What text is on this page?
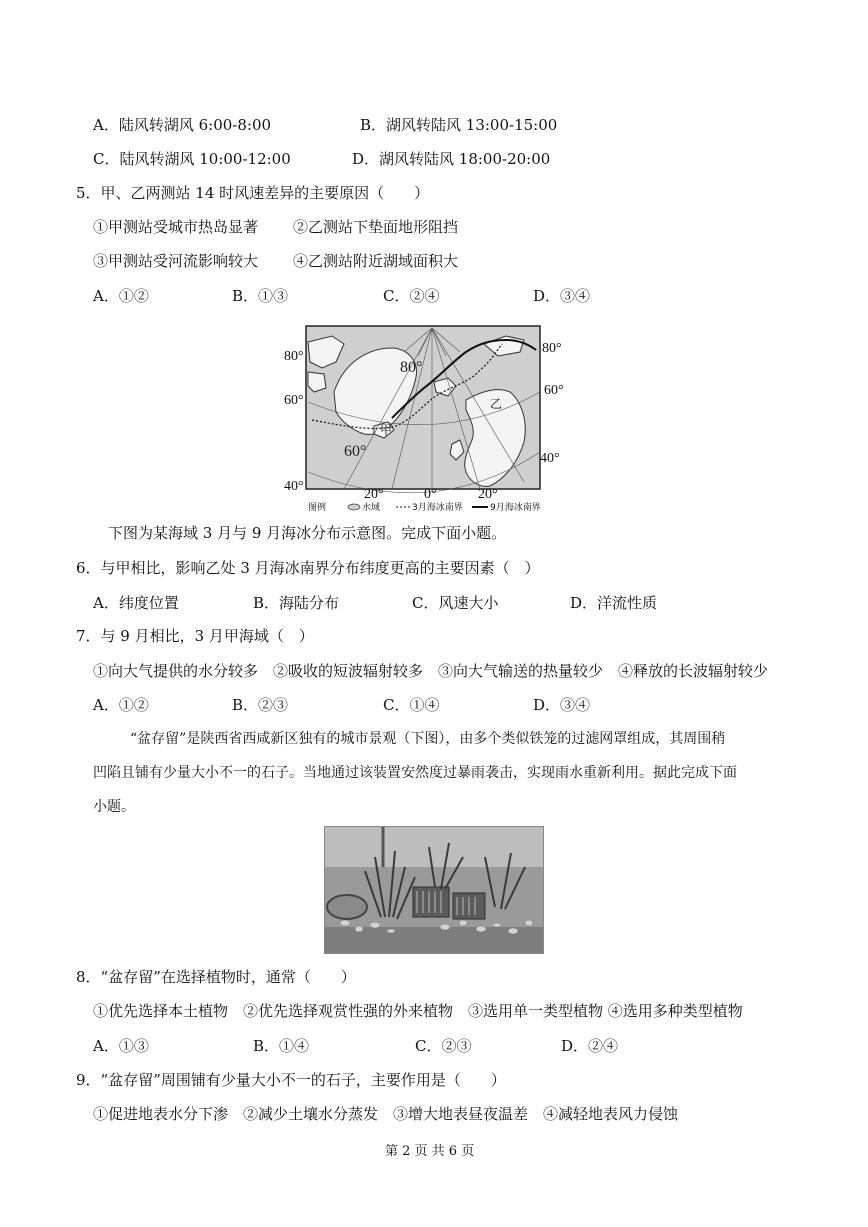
A．陆风转湖风 6:00-8:00	B．湖风转陆风 13:00-15:00
C．陆风转湖风 10:00-12:00	D．湖风转陆风 18:00-20:00
5．甲、乙两测站 14 时风速差异的主要原因（　　）
①甲测站受城市热岛显著 ②乙测站下垫面地形阻挡
③甲测站受河流影响较大 ④乙测站附近湖域面积大
A．①②	B．①③	C．②④	D．③④
80°
60°
甲
乙
80°
60°
40°
80°
60°
40°
20°	0°	20°
图例	水域	3月海冰南界	9月海冰南界
下图为某海域 3 月与 9 月海冰分布示意图。完成下面小题。
6．与甲相比，影响乙处 3 月海冰南界分布纬度更高的主要因素（　）
A．纬度位置	B．海陆分布	C．风速大小	D．洋流性质
7．与 9 月相比，3 月甲海域（　）
①向大气提供的水分较多　②吸收的短波辐射较多　③向大气输送的热量较少　④释放的长波辐射较少
A．①②	B．②③	C．①④	D．③④
“盆存留”是陕西省西咸新区独有的城市景观（下图），由多个类似铁笼的过滤网罩组成，其周围稍
凹陷且铺有少量大小不一的石子。当地通过该装置安然度过暴雨袭击，实现雨水重新利用。据此完成下面
小题。
8．“盆存留”在选择植物时，通常（　　）
①优先选择本土植物　②优先选择观赏性强的外来植物　③选用单一类型植物 ④选用多种类型植物
A．①③	B．①④	C．②③	D．②④
9．“盆存留”周围铺有少量大小不一的石子，主要作用是（　　）
①促进地表水分下渗　②减少土壤水分蒸发　③增大地表昼夜温差　④减轻地表风力侵蚀
第 2 页 共 6 页
